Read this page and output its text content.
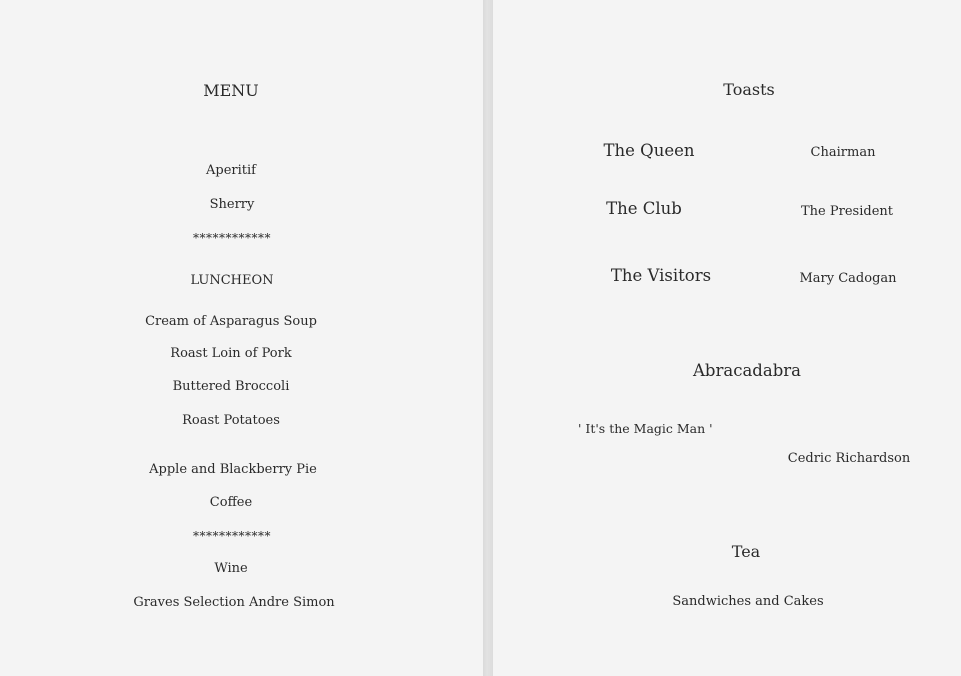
MENU
Aperitif
Sherry
************
LUNCHEON
Cream of Asparagus Soup
Roast Loin of Pork
Buttered Broccoli
Roast Potatoes
Apple and Blackberry Pie
Coffee
************
Wine
Graves Selection Andre Simon
Toasts
The Queen	Chairman
The Club	The President
The Visitors	Mary Cadogan
Abracadabra
' It's the Magic Man '
Cedric Richardson
Tea
Sandwiches and Cakes
